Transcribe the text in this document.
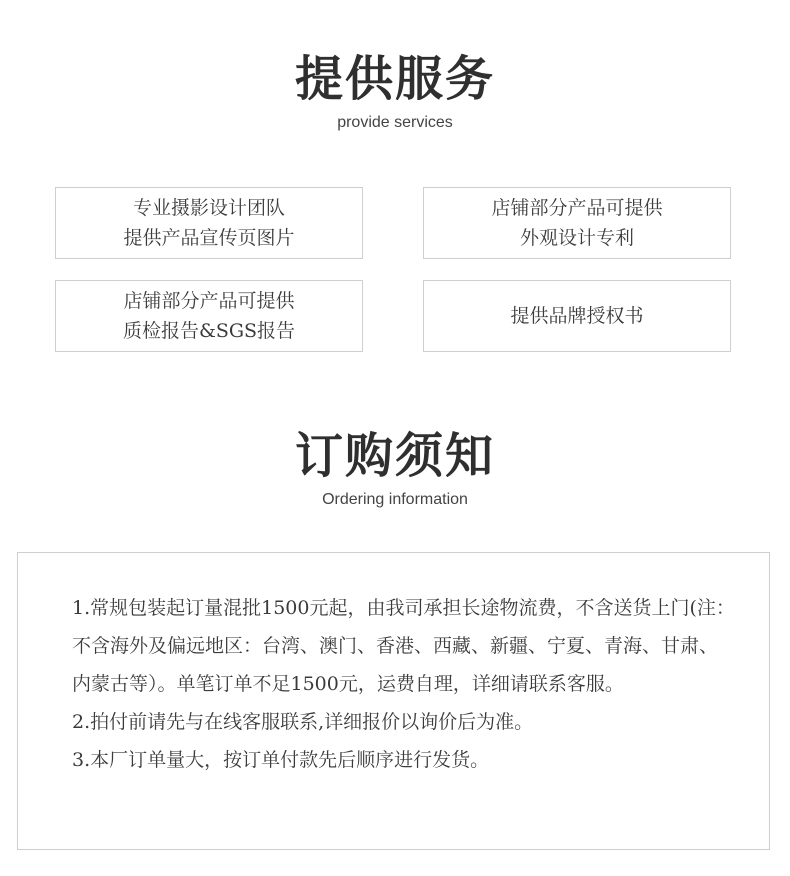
提供服务
provide services
专业摄影设计团队
提供产品宣传页图片
店铺部分产品可提供
外观设计专利
店铺部分产品可提供
质检报告&SGS报告
提供品牌授权书
订购须知
Ordering information
1.常规包装起订量混批1500元起，由我司承担长途物流费，不含送货上门(注：不含海外及偏远地区：台湾、澳门、香港、西藏、新疆、宁夏、青海、甘肃、内蒙古等）。单笔订单不足1500元，运费自理，详细请联系客服。
2.拍付前请先与在线客服联系,详细报价以询价后为准。
3.本厂订单量大，按订单付款先后顺序进行发货。
